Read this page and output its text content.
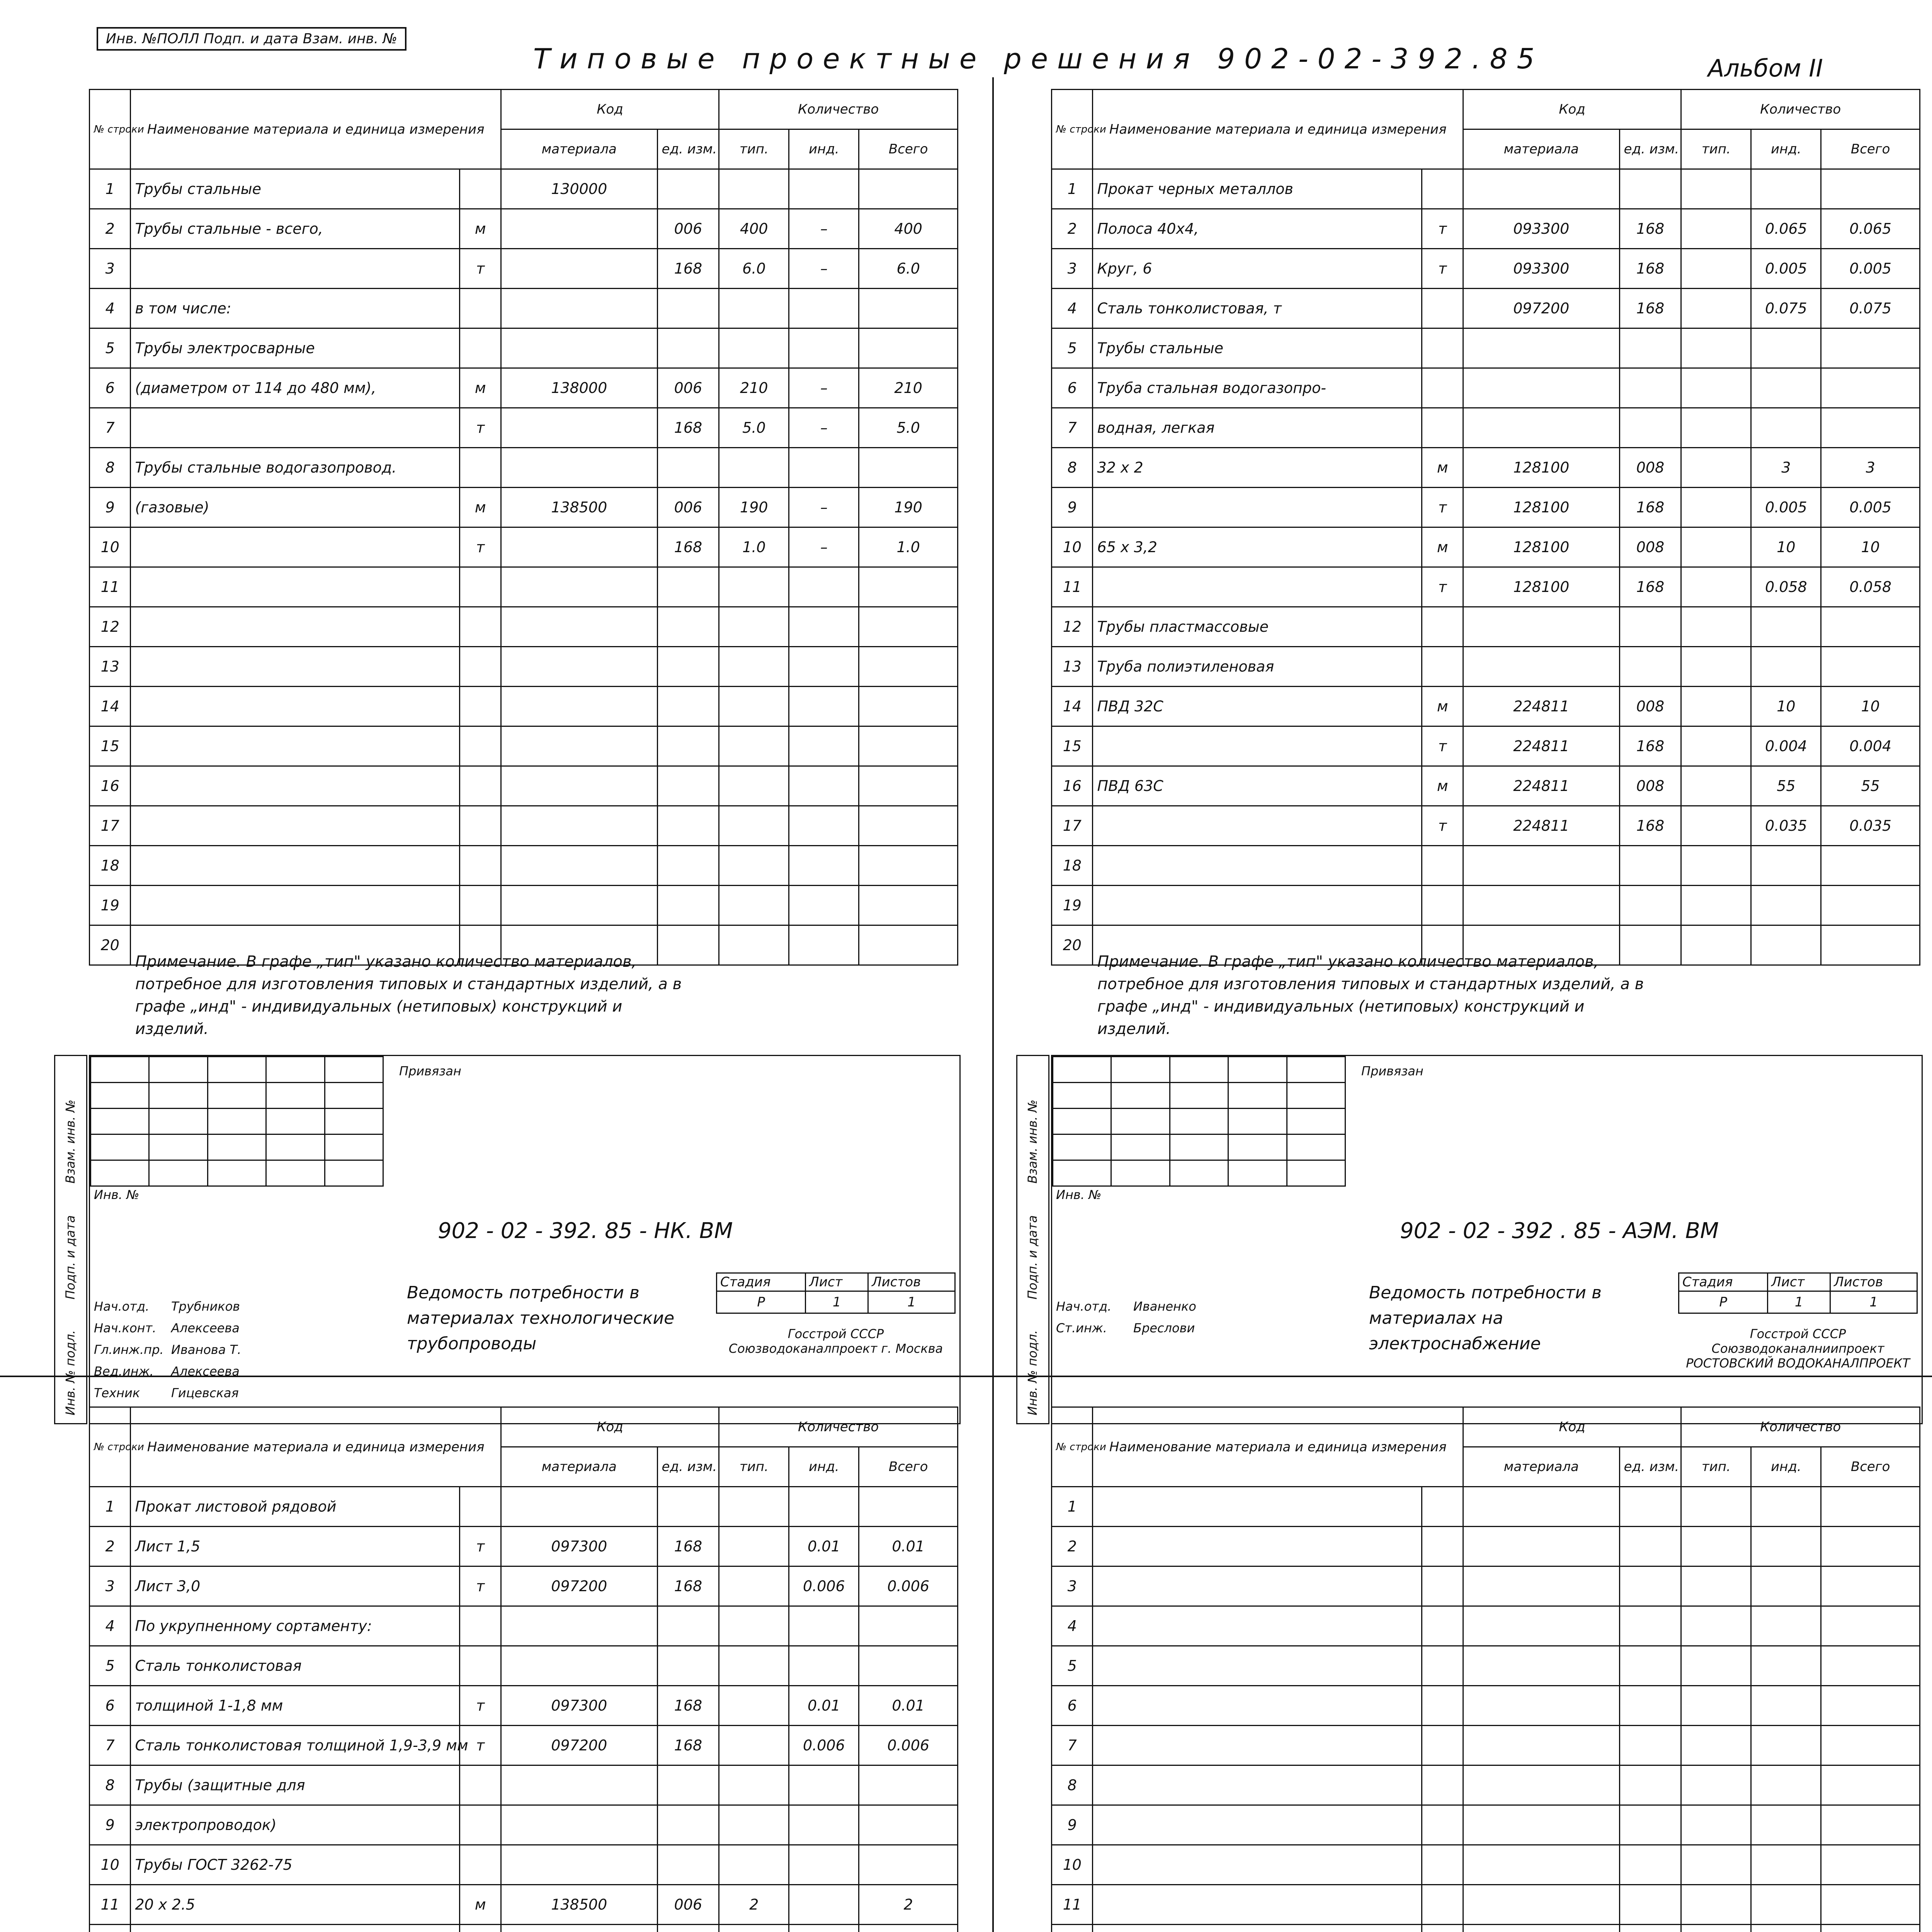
Инв. №ПОЛЛ Подп. и дата Взам. инв. №
Типовые проектные решения 902-02-392.85	Альбом II
№ строки	Наименование материала и единица измерения		Код		Количество		
			материала	ед. изм.	тип.	инд.	Всего
1	Трубы стальные		130000				
2	Трубы стальные - всего,	м		006	400	–	400
3		т		168	6.0	–	6.0
4	в том числе:						
5	Трубы электросварные						
6	(диаметром от 114 до 480 мм),	м	138000	006	210	–	210
7		т		168	5.0	–	5.0
8	Трубы стальные водогазопровод.						
9	(газовые)	м	138500	006	190	–	190
10		т		168	1.0	–	1.0
11							
12							
13							
14							
15							
16							
17							
18							
19							
20							
Примечание. В графе „тип" указано количество материалов, потребное для изготовления типовых и стандартных изделий, а в графе „инд" - индивидуальных (нетиповых) конструкций и изделий.

Привязан
Инв. №
902 - 02 - 392. 85 - НК. ВМ
Ведомость потребности в материалах технологические трубопроводы
Стадия	Лист	Листов
Р	1	1
Госстрой СССР Союзводоканалпроект г. Москва
Нач.отд. Трубников
Нач.конт. Алексеева
Гл.инж.пр. Иванова Т.
Вед.инж. Алексеева
Техник	Гицевская
Инв. № подл.
Подп. и дата
Взам. инв. №
№ строки	Наименование материала и единица измерения		Код		Количество		
			материала	ед. изм.	тип.	инд.	Всего
1	Прокат черных металлов						
2	Полоса 40х4,	т	093300	168		0.065	0.065
3	Круг, 6	т	093300	168		0.005	0.005
4	Сталь тонколистовая, т		097200	168		0.075	0.075
5	Трубы стальные						
6	Труба стальная водогазопро-						
7	водная, легкая						
8	32 х 2	м	128100	008		3	3
9		т	128100	168		0.005	0.005
10	65 х 3,2	м	128100	008		10	10
11		т	128100	168		0.058	0.058
12	Трубы пластмассовые						
13	Труба полиэтиленовая						
14	ПВД 32С	м	224811	008		10	10
15		т	224811	168		0.004	0.004
16	ПВД 63С	м	224811	008		55	55
17		т	224811	168		0.035	0.035
18							
19							
20							
Примечание. В графе „тип" указано количество материалов, потребное для изготовления типовых и стандартных изделий, а в графе „инд" - индивидуальных (нетиповых) конструкций и изделий.

Привязан
Инв. №
902 - 02 - 392 . 85 - АЭМ. ВМ
Ведомость потребности в материалах на электроснабжение
Стадия	Лист	Листов
Р	1	1
Госстрой СССР Союзводоканалниипроект РОСТОВСКИЙ ВОДОКАНАЛПРОЕКТ
Нач.отд. Иваненко
Ст.инж. Бреслови
Инв. № подл.
Подп. и дата
Взам. инв. №
№ строки	Наименование материала и единица измерения		Код		Количество		
			материала	ед. изм.	тип.	инд.	Всего
1	Прокат листовой рядовой						
2	Лист 1,5	т	097300	168		0.01	0.01
3	Лист 3,0	т	097200	168		0.006	0.006
4	По укрупненному сортаменту:						
5	Сталь тонколистовая						
6	толщиной 1-1,8 мм	т	097300	168		0.01	0.01
7	Сталь тонколистовая толщиной 1,9-3,9 мм	т	097200	168		0.006	0.006
8	Трубы (защитные для						
9	электропроводок)						
10	Трубы ГОСТ 3262-75						
11	20 х 2.5	м	138500	006	2		2

№ строки	Наименование материала и единица измерения		Код		Количество		
			материала	ед. изм.	тип.	инд.	Всего
1							
2							
3							
4							
5							
6							
7							
8							
9							
10							
11							
